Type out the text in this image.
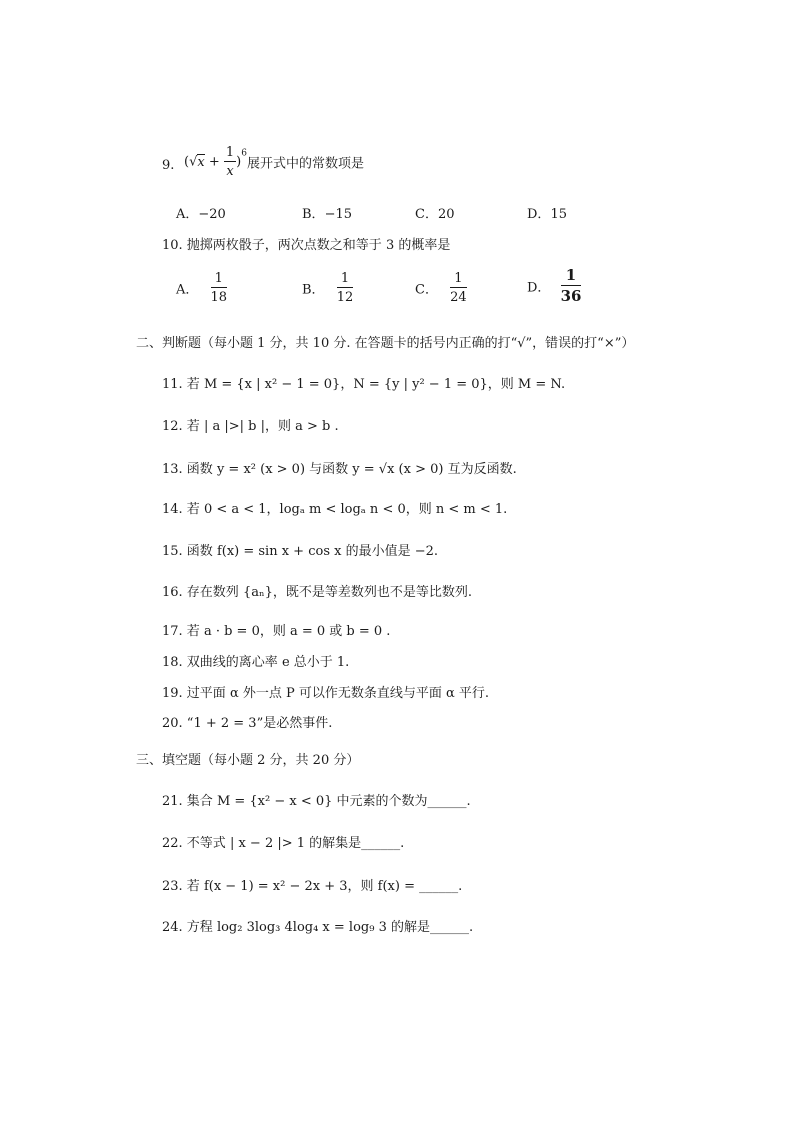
9. $(√x + \frac{1}{x} )^6$展开式中的常数项是
A．−20	B．−15	C．20	D．15
10. 抛掷两枚骰子，两次点数之和等于 3 的概率是
A． $\frac{1}{18}$	B． $\frac{1}{12}$	C． $\frac{1}{24}$	D． $\frac{1}{36}$
二、判断题（每小题 1 分，共 10 分. 在答题卡的括号内正确的打“√”，错误的打“×”）
11. 若 M = {x | x² − 1 = 0}，N = {y | y² − 1 = 0}，则 M = N.
12. 若 | a |>| b |，则 a > b .
13. 函数 y = x² (x > 0) 与函数 y = √x (x > 0) 互为反函数.
14. 若 0 < a < 1，logₐ m < logₐ n < 0，则 n < m < 1.
15. 函数 f(x) = sin x + cos x 的最小值是 −2.
16. 存在数列 {aₙ}，既不是等差数列也不是等比数列.
17. 若 a · b = 0，则 a = 0 或 b = 0 .
18. 双曲线的离心率 e 总小于 1.
19. 过平面 α 外一点 P 可以作无数条直线与平面 α 平行.
20. “1 + 2 = 3”是必然事件.
三、填空题（每小题 2 分，共 20 分）
21. 集合 M = {x² − x < 0} 中元素的个数为______.
22. 不等式 | x − 2 |> 1 的解集是______.
23. 若 f(x − 1) = x² − 2x + 3，则 f(x) = ______.
24. 方程 log₂ 3log₃ 4log₄ x = log₉ 3 的解是______.
